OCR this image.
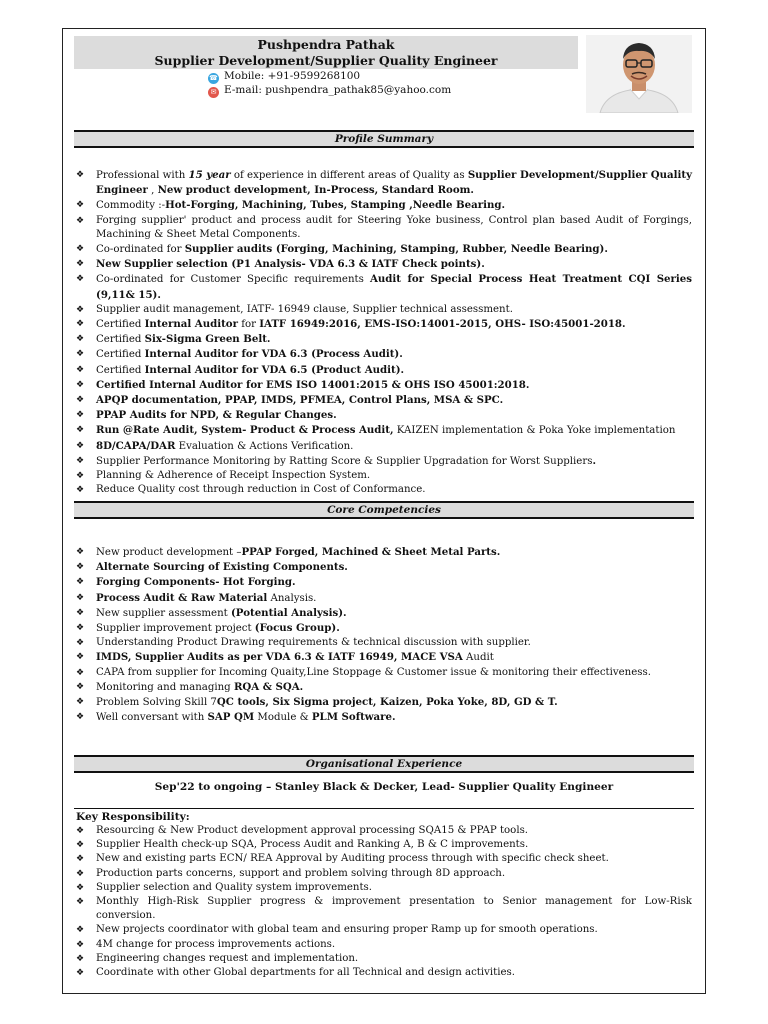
Pushpendra Pathak
Supplier Development/Supplier Quality Engineer
☎ Mobile: +91-9599268100
✉ E-mail: pushpendra_pathak85@yahoo.com
Profile Summary
❖ Professional with 15 year of experience in different areas of Quality as Supplier Development/Supplier Quality Engineer , New product development, In-Process, Standard Room.
❖ Commodity :-Hot-Forging, Machining, Tubes, Stamping ,Needle Bearing.
❖ Forging supplier' product and process audit for Steering Yoke business, Control plan based Audit of Forgings, Machining & Sheet Metal Components.
❖ Co-ordinated for Supplier audits (Forging, Machining, Stamping, Rubber, Needle Bearing).
❖ New Supplier selection (P1 Analysis- VDA 6.3 & IATF Check points).
❖ Co-ordinated for Customer Specific requirements Audit for Special Process Heat Treatment CQI Series (9,11& 15).
❖ Supplier audit management, IATF- 16949 clause, Supplier technical assessment.
❖ Certified Internal Auditor for IATF 16949:2016, EMS-ISO:14001-2015, OHS- ISO:45001-2018.
❖ Certified Six-Sigma Green Belt.
❖ Certified Internal Auditor for VDA 6.3 (Process Audit).
❖ Certified Internal Auditor for VDA 6.5 (Product Audit).
❖ Certified Internal Auditor for EMS ISO 14001:2015 & OHS ISO 45001:2018.
❖ APQP documentation, PPAP, IMDS, PFMEA, Control Plans, MSA & SPC.
❖ PPAP Audits for NPD, & Regular Changes.
❖ Run @Rate Audit, System- Product & Process Audit, KAIZEN implementation & Poka Yoke implementation
❖ 8D/CAPA/DAR Evaluation & Actions Verification.
❖ Supplier Performance Monitoring by Ratting Score & Supplier Upgradation for Worst Suppliers.
❖ Planning & Adherence of Receipt Inspection System.
❖ Reduce Quality cost through reduction in Cost of Conformance.
Core Competencies
❖ New product development –PPAP Forged, Machined & Sheet Metal Parts.
❖ Alternate Sourcing of Existing Components.
❖ Forging Components- Hot Forging.
❖ Process Audit & Raw Material Analysis.
❖ New supplier assessment (Potential Analysis).
❖ Supplier improvement project (Focus Group).
❖ Understanding Product Drawing requirements & technical discussion with supplier.
❖ IMDS, Supplier Audits as per VDA 6.3 & IATF 16949, MACE VSA Audit
❖ CAPA from supplier for Incoming Quaity,Line Stoppage & Customer issue & monitoring their effectiveness.
❖ Monitoring and managing RQA & SQA.
❖ Problem Solving Skill 7QC tools, Six Sigma project, Kaizen, Poka Yoke, 8D, GD & T.
❖ Well conversant with SAP QM Module & PLM Software.
Organisational Experience
Sep'22 to ongoing – Stanley Black & Decker, Lead- Supplier Quality Engineer
Key Responsibility:
❖ Resourcing & New Product development approval processing SQA15 & PPAP tools.
❖ Supplier Health check-up SQA, Process Audit and Ranking A, B & C improvements.
❖ New and existing parts ECN/ REA Approval by Auditing process through with specific check sheet.
❖ Production parts concerns, support and problem solving through 8D approach.
❖ Supplier selection and Quality system improvements.
❖ Monthly High-Risk Supplier progress & improvement presentation to Senior management for Low-Risk conversion.
❖ New projects coordinator with global team and ensuring proper Ramp up for smooth operations.
❖ 4M change for process improvements actions.
❖ Engineering changes request and implementation.
❖ Coordinate with other Global departments for all Technical and design activities.
